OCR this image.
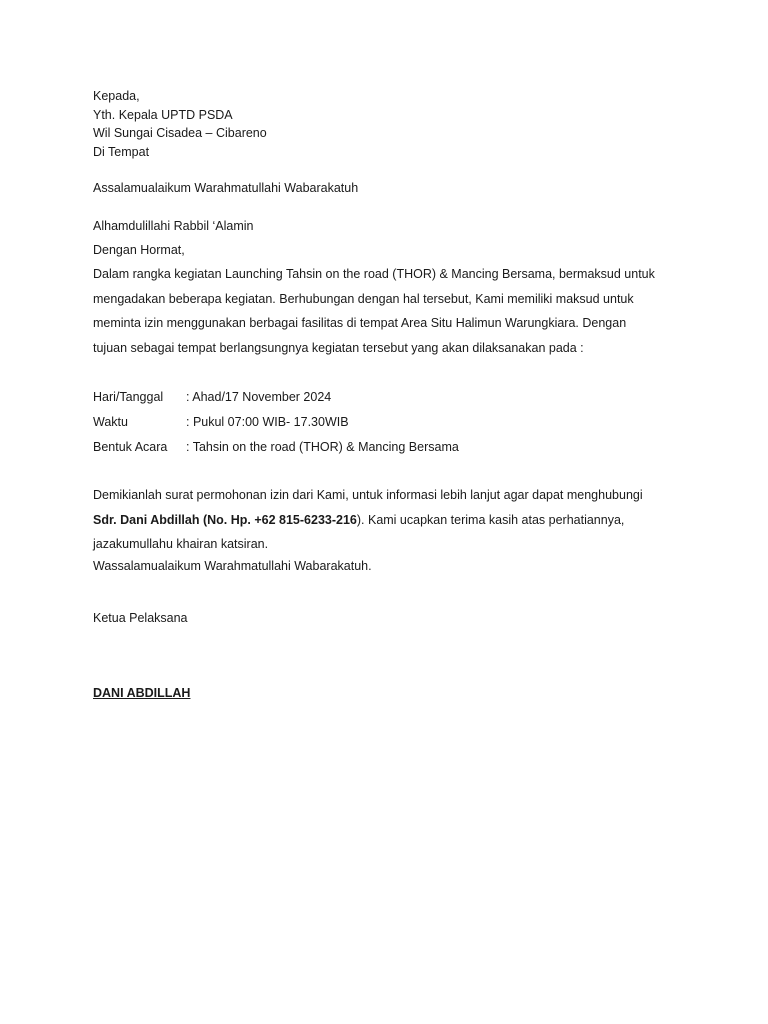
Kepada,
Yth. Kepala UPTD PSDA
Wil Sungai Cisadea – Cibareno
Di Tempat
Assalamualaikum Warahmatullahi Wabarakatuh
Alhamdulillahi Rabbil ‘Alamin
Dengan Hormat,
Dalam rangka kegiatan Launching Tahsin on the road (THOR) & Mancing Bersama, bermaksud untuk
mengadakan beberapa kegiatan. Berhubungan dengan hal tersebut, Kami memiliki maksud untuk
meminta izin menggunakan berbagai fasilitas di tempat Area Situ Halimun Warungkiara. Dengan
tujuan sebagai tempat berlangsungnya kegiatan tersebut yang akan dilaksanakan pada :
Hari/Tanggal : Ahad/17 November 2024
Waktu	: Pukul 07:00 WIB- 17.30WIB
Bentuk Acara : Tahsin on the road (THOR) & Mancing Bersama
Demikianlah surat permohonan izin dari Kami, untuk informasi lebih lanjut agar dapat menghubungi
Sdr. Dani Abdillah (No. Hp. +62 815-6233-216). Kami ucapkan terima kasih atas perhatiannya,
jazakumullahu khairan katsiran.
Wassalamualaikum Warahmatullahi Wabarakatuh.
Ketua Pelaksana
DANI ABDILLAH
